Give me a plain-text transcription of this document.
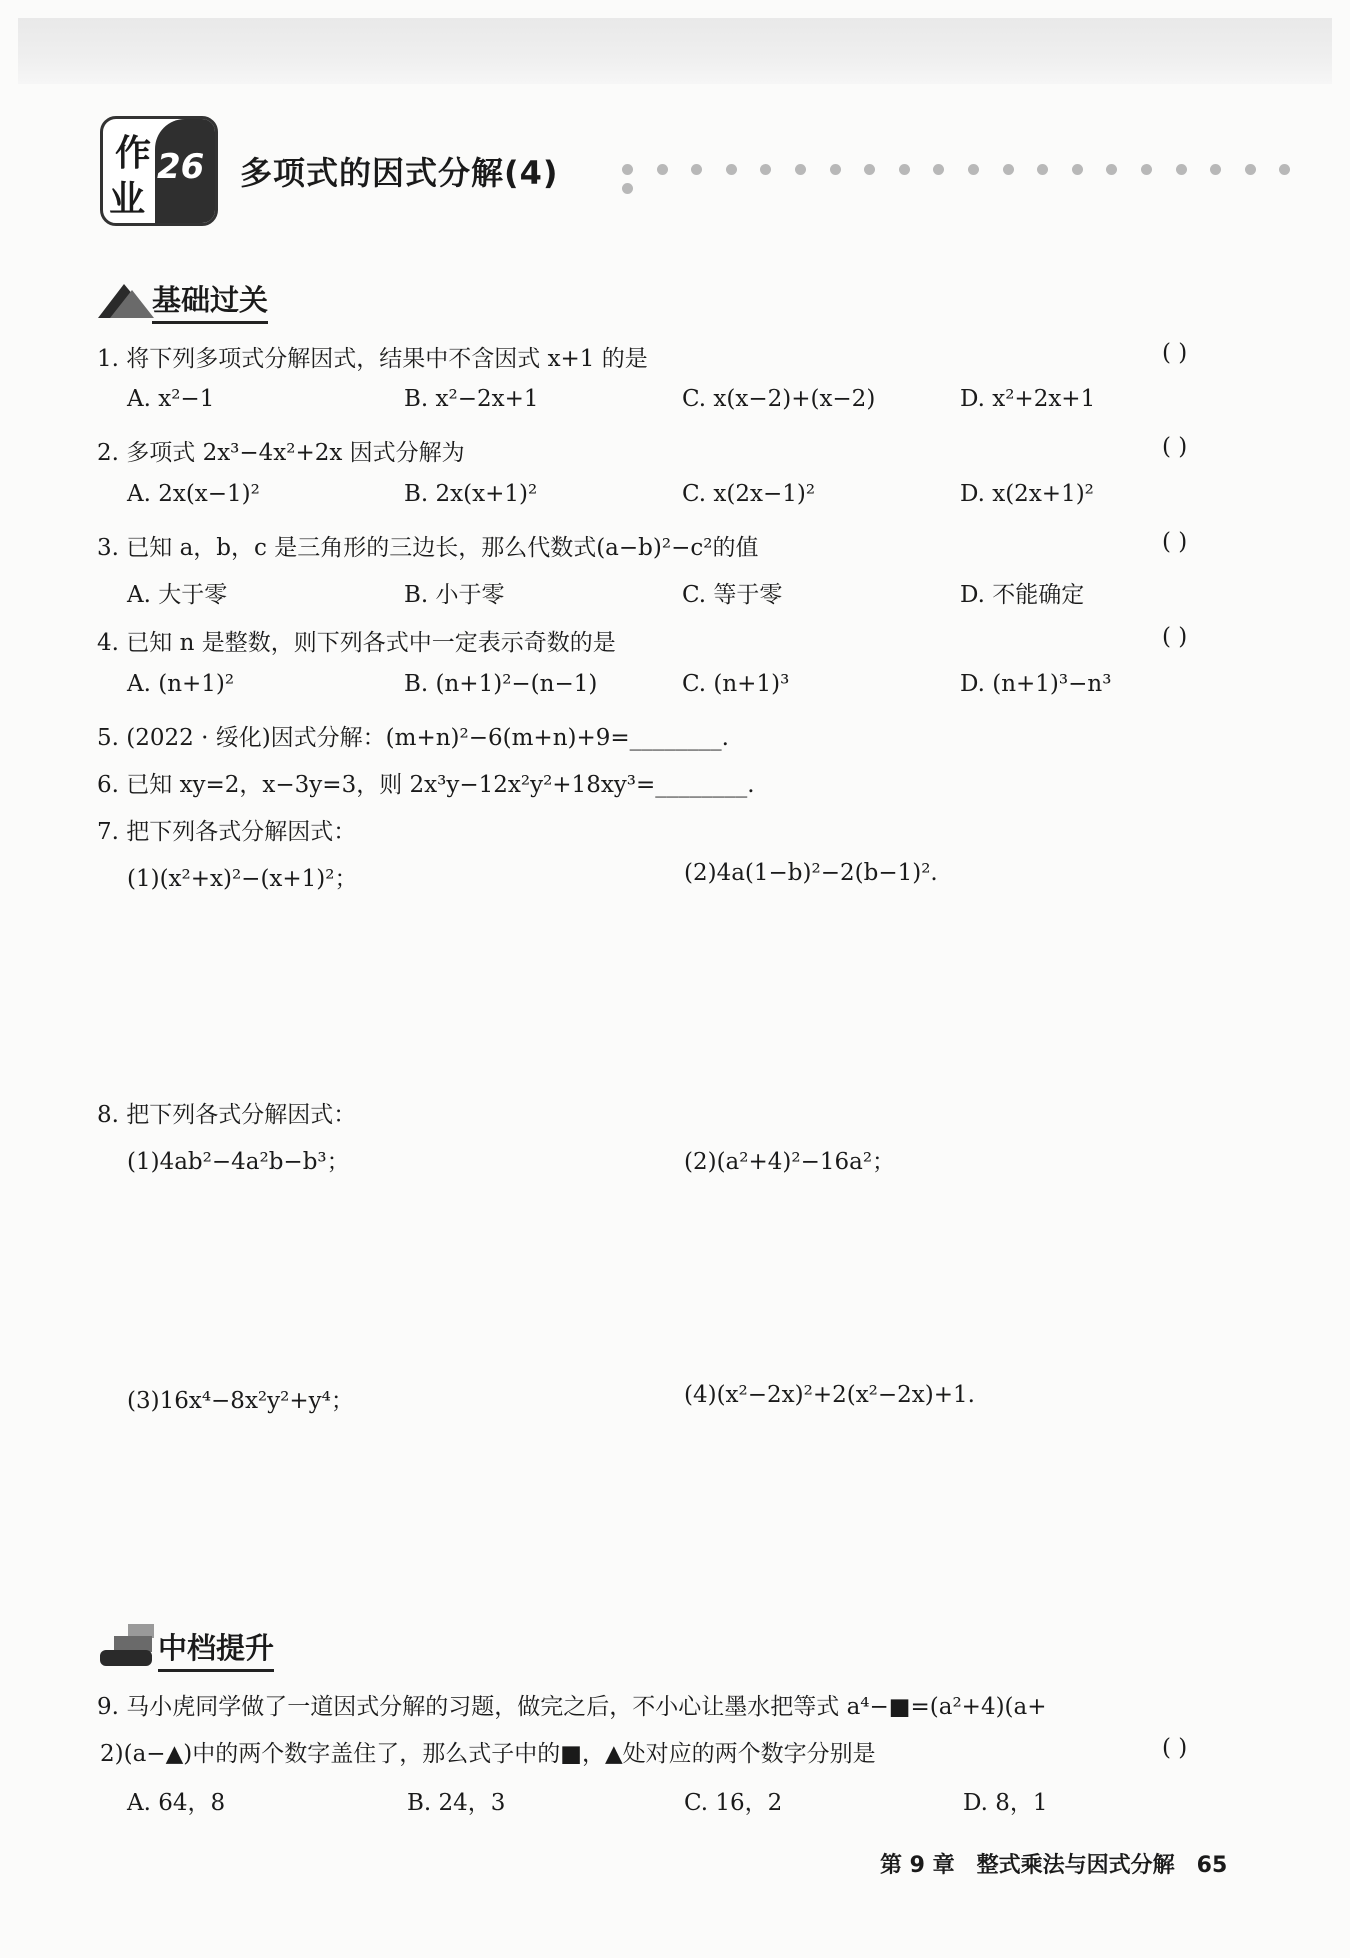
作
业
26 多项式的因式分解(4)
基础过关
1. 将下列多项式分解因式，结果中不含因式 x+1 的是	( )
A. x²−1	B. x²−2x+1	C. x(x−2)+(x−2)	D. x²+2x+1
2. 多项式 2x³−4x²+2x 因式分解为	( )
A. 2x(x−1)²	B. 2x(x+1)²	C. x(2x−1)²	D. x(2x+1)²
3. 已知 a，b，c 是三角形的三边长，那么代数式(a−b)²−c²的值	( )
A. 大于零	B. 小于零	C. 等于零	D. 不能确定
4. 已知 n 是整数，则下列各式中一定表示奇数的是	( )
A. (n+1)²	B. (n+1)²−(n−1)	C. (n+1)³	D. (n+1)³−n³
5. (2022 · 绥化)因式分解：(m+n)²−6(m+n)+9=________.
6. 已知 xy=2，x−3y=3，则 2x³y−12x²y²+18xy³=________.
7. 把下列各式分解因式：
(1)(x²+x)²−(x+1)²；	(2)4a(1−b)²−2(b−1)².
8. 把下列各式分解因式：
(1)4ab²−4a²b−b³；	(2)(a²+4)²−16a²；
(3)16x⁴−8x²y²+y⁴；	(4)(x²−2x)²+2(x²−2x)+1.
中档提升
9. 马小虎同学做了一道因式分解的习题，做完之后，不小心让墨水把等式 a⁴−■=(a²+4)(a+
2)(a−▲)中的两个数字盖住了，那么式子中的■，▲处对应的两个数字分别是	( )
A. 64，8	B. 24，3	C. 16，2	D. 8，1
第 9 章　整式乘法与因式分解 65
